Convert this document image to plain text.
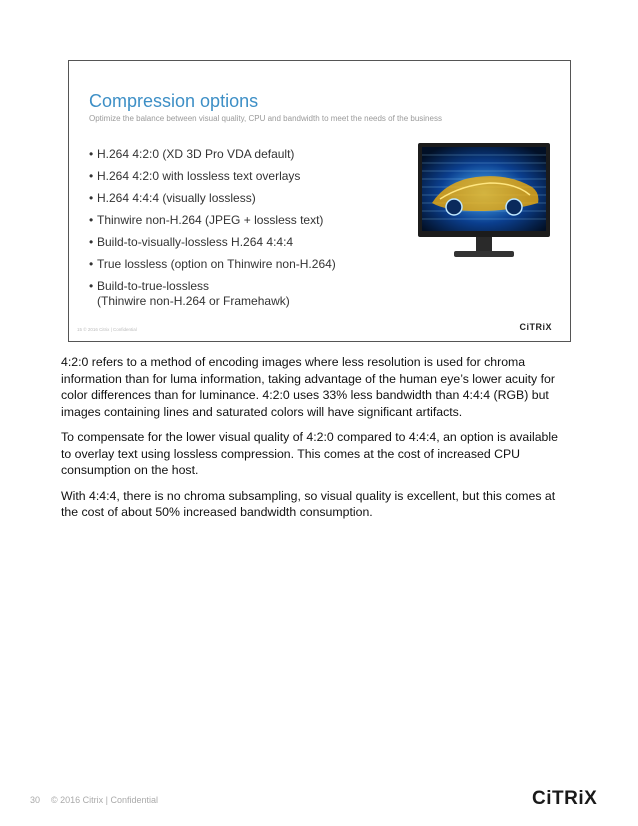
Compression options

Optimize the balance between visual quality, CPU and bandwidth to meet the needs of the business

• H.264 4:2:0 (XD 3D Pro VDA default)
• H.264 4:2:0 with lossless text overlays
• H.264 4:4:4 (visually lossless)
• Thinwire non-H.264 (JPEG + lossless text)
• Build-to-visually-lossless H.264 4:4:4
• True lossless (option on Thinwire non-H.264)
• Build-to-true-lossless
(Thinwire non-H.264 or Framehawk)
15 © 2016 Citrix | Confidential	CiTRiX

4:2:0 refers to a method of encoding images where less resolution is used for chroma information than for luma information, taking advantage of the human eye’s lower acuity for color differences than for luminance. 4:2:0 uses 33% less bandwidth than 4:4:4 (RGB) but images containing lines and saturated colors will have significant artifacts.

To compensate for the lower visual quality of 4:2:0 compared to 4:4:4, an option is available to overlay text using lossless compression. This comes at the cost of increased CPU consumption on the host.

With 4:4:4, there is no chroma subsampling, so visual quality is excellent, but this comes at the cost of about 50% increased bandwidth consumption.

30 © 2016 Citrix | Confidential	CiTRiX
